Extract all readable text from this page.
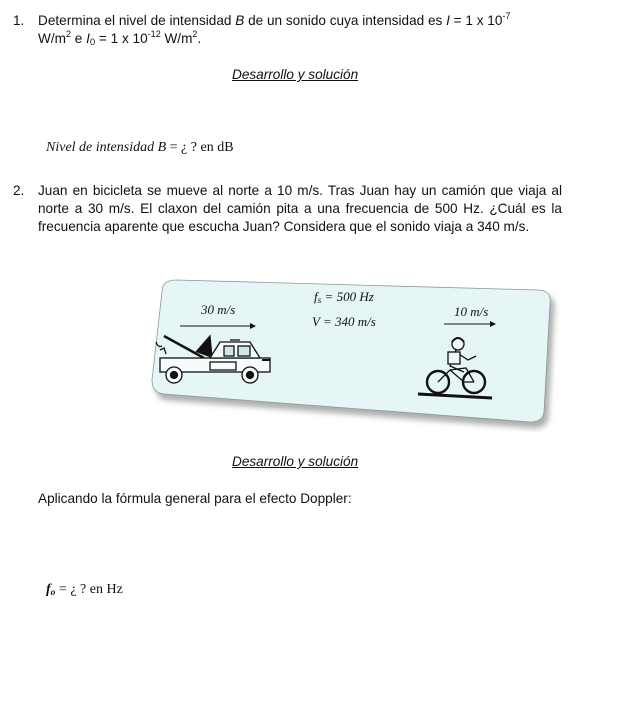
1.	Determina el nivel de intensidad B de un sonido cuya intensidad es I = 1 x $10^{-7}$
$W/m^2$ e $I_0 = 1$ x $10^{-12}$ $W/m^2$.
Desarrollo y solución
Nivel de intensidad B = ¿ ? en dB
2.	Juan en bicicleta se mueve al norte a 10 m/s. Tras Juan hay un camión que viaja al norte a 30 m/s. El claxon del camión pita a una frecuencia de 500 Hz. ¿Cuál es la frecuencia aparente que escucha Juan? Considera que el sonido viaja a 340 m/s.
30 m/s
$f_s = 500$ Hz
V = 340 m/s
10 m/s
Desarrollo y solución
Aplicando la fórmula general para el efecto Doppler:
$f_o$ = ¿ ? en Hz
